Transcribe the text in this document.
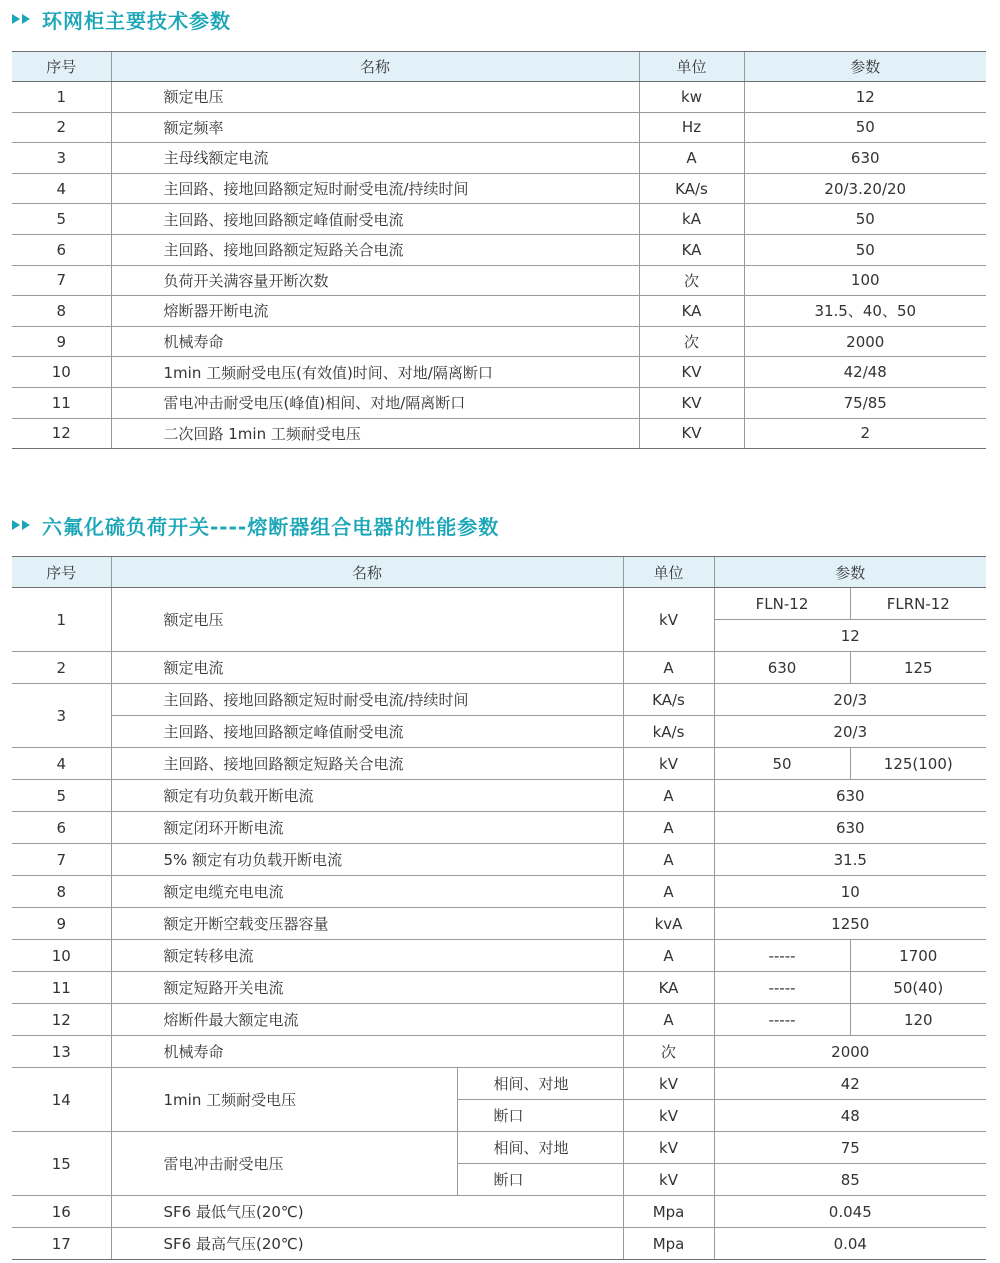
环网柜主要技术参数
序号	名称	单位	参数
1	额定电压	kw	12
2	额定频率	Hz	50
3	主母线额定电流	A	630
4	主回路、接地回路额定短时耐受电流/持续时间	KA/s	20/3.20/20
5	主回路、接地回路额定峰值耐受电流	kA	50
6	主回路、接地回路额定短路关合电流	KA	50
7	负荷开关满容量开断次数	次	100
8	熔断器开断电流	KA	31.5、40、50
9	机械寿命	次	2000
10	1min 工频耐受电压(有效值)时间、对地/隔离断口	KV	42/48
11	雷电冲击耐受电压(峰值)相间、对地/隔离断口	KV	75/85
12	二次回路 1min 工频耐受电压	KV	2
六氟化硫负荷开关----熔断器组合电器的性能参数
序号	名称		单位	参数	
1	额定电压		kV	FLN-12	FLRN-12
				12	
2	额定电流		A	630	125
3	主回路、接地回路额定短时耐受电流/持续时间		KA/s	20/3	
	主回路、接地回路额定峰值耐受电流		kA/s	20/3	
4	主回路、接地回路额定短路关合电流		kV	50	125(100)
5	额定有功负载开断电流		A	630	
6	额定闭环开断电流		A	630	
7	5% 额定有功负载开断电流		A	31.5	
8	额定电缆充电电流		A	10	
9	额定开断空载变压器容量		kvA	1250	
10	额定转移电流		A	-----	1700
11	额定短路开关电流		KA	-----	50(40)
12	熔断件最大额定电流		A	-----	120
13	机械寿命		次	2000	
14	1min 工频耐受电压	相间、对地	kV	42	
		断口	kV	48	
15	雷电冲击耐受电压	相间、对地	kV	75	
		断口	kV	85	
16	SF6 最低气压(20℃)		Mpa	0.045	
17	SF6 最高气压(20℃)		Mpa	0.04	
